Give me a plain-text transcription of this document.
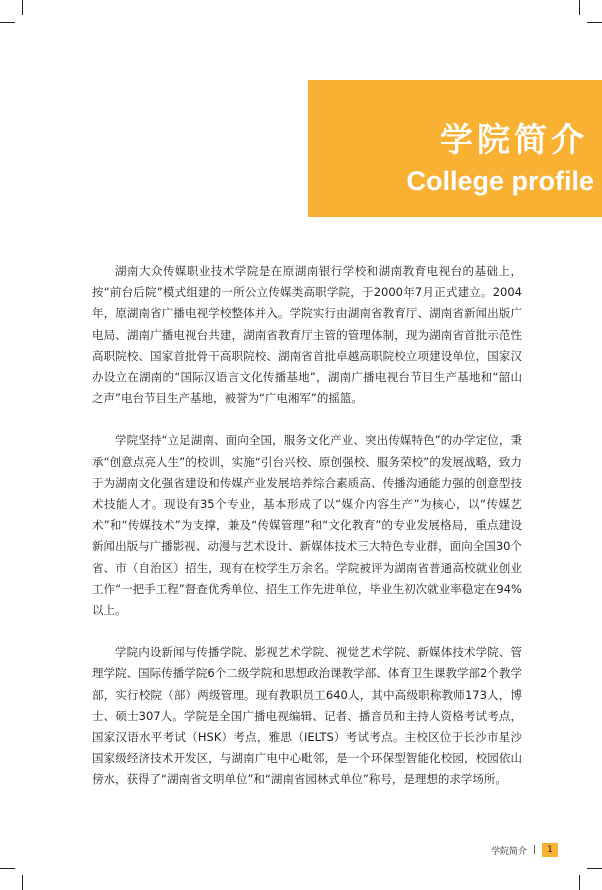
学院简介
College profile

湖南大众传媒职业技术学院是在原湖南银行学校和湖南教育电视台的基础上，按“前台后院”模式组建的一所公立传媒类高职学院，于2000年7月正式建立。2004年，原湖南省广播电视学校整体并入。学院实行由湖南省教育厅、湖南省新闻出版广电局、湖南广播电视台共建，湖南省教育厅主管的管理体制，现为湖南省首批示范性高职院校、国家首批骨干高职院校、湖南省首批卓越高职院校立项建设单位，国家汉办设立在湖南的“国际汉语言文化传播基地”，湖南广播电视台节目生产基地和“韶山之声”电台节目生产基地，被誉为“广电湘军”的摇篮。

学院坚持“立足湖南、面向全国，服务文化产业、突出传媒特色”的办学定位，秉承“创意点亮人生”的校训，实施“引台兴校、原创强校、服务荣校”的发展战略，致力于为湖南文化强省建设和传媒产业发展培养综合素质高、传播沟通能力强的创意型技术技能人才。现设有35个专业，基本形成了以“媒介内容生产”为核心，以“传媒艺术”和“传媒技术”为支撑，兼及“传媒管理”和“文化教育”的专业发展格局，重点建设新闻出版与广播影视、动漫与艺术设计、新媒体技术三大特色专业群，面向全国30个省、市（自治区）招生，现有在校学生万余名。学院被评为湖南省普通高校就业创业工作“一把手工程”督查优秀单位、招生工作先进单位，毕业生初次就业率稳定在94%以上。

学院内设新闻与传播学院、影视艺术学院、视觉艺术学院、新媒体技术学院、管理学院、国际传播学院6个二级学院和思想政治课教学部、体育卫生课教学部2个教学部，实行校院（部）两级管理。现有教职员工640人，其中高级职称教师173人，博士、硕士307人。学院是全国广播电视编辑、记者、播音员和主持人资格考试考点，国家汉语水平考试（HSK）考点，雅思（IELTS）考试考点。主校区位于长沙市星沙国家级经济技术开发区，与湖南广电中心毗邻，是一个环保型智能化校园，校园依山傍水，获得了“湖南省文明单位”和“湖南省园林式单位”称号，是理想的求学场所。

学院简介 |	1
